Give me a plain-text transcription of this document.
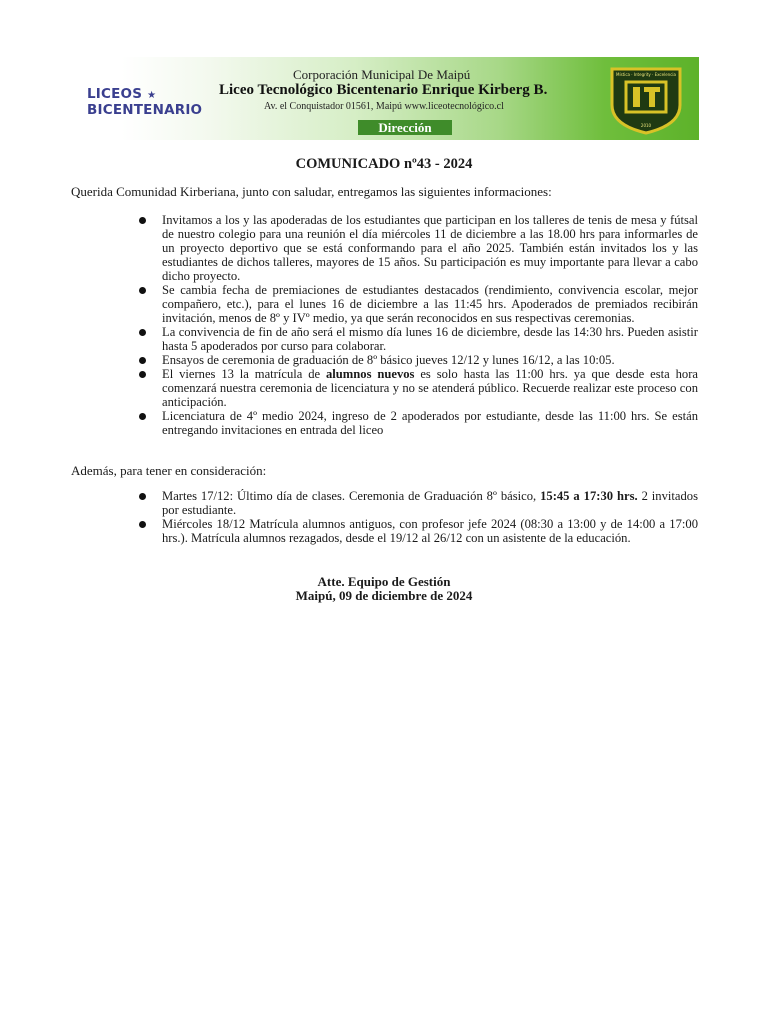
LICEOS ★
BICENTENARIO
Corporación Municipal De Maipú
Liceo Tecnológico Bicentenario Enrique Kirberg B.
Av. el Conquistador 01561, Maipú www.liceotecnológico.cl
Dirección
Mística · Integrity · Excelencia
2010
COMUNICADO nº43 - 2024
Querida Comunidad Kirberiana, junto con saludar, entregamos las siguientes informaciones:
Invitamos a los y las apoderadas de los estudiantes que participan en los talleres de tenis de mesa y fútsal de nuestro colegio para una reunión el día miércoles 11 de diciembre a las 18.00 hrs para informarles de un proyecto deportivo que se está conformando para el año 2025. También están invitados los y las estudiantes de dichos talleres, mayores de 15 años. Su participación es muy importante para llevar a cabo dicho proyecto.
Se cambia fecha de premiaciones de estudiantes destacados (rendimiento, convivencia escolar, mejor compañero, etc.), para el lunes 16 de diciembre a las 11:45 hrs. Apoderados de premiados recibirán invitación, menos de 8º y IVº medio, ya que serán reconocidos en sus respectivas ceremonias.
La convivencia de fin de año será el mismo día lunes 16 de diciembre, desde las 14:30 hrs. Pueden asistir hasta 5 apoderados por curso para colaborar.
Ensayos de ceremonia de graduación de 8º básico jueves 12/12 y lunes 16/12, a las 10:05.
El viernes 13 la matrícula de alumnos nuevos es solo hasta las 11:00 hrs. ya que desde esta hora comenzará nuestra ceremonia de licenciatura y no se atenderá público. Recuerde realizar este proceso con anticipación.
Licenciatura de 4º medio 2024, ingreso de 2 apoderados por estudiante, desde las 11:00 hrs. Se están entregando invitaciones en entrada del liceo
Además, para tener en consideración:
Martes 17/12: Último día de clases. Ceremonia de Graduación 8º básico, 15:45 a 17:30 hrs. 2 invitados por estudiante.
Miércoles 18/12 Matrícula alumnos antiguos, con profesor jefe 2024 (08:30 a 13:00 y de 14:00 a 17:00 hrs.). Matrícula alumnos rezagados, desde el 19/12 al 26/12 con un asistente de la educación.
Atte. Equipo de Gestión
Maipú, 09 de diciembre de 2024
